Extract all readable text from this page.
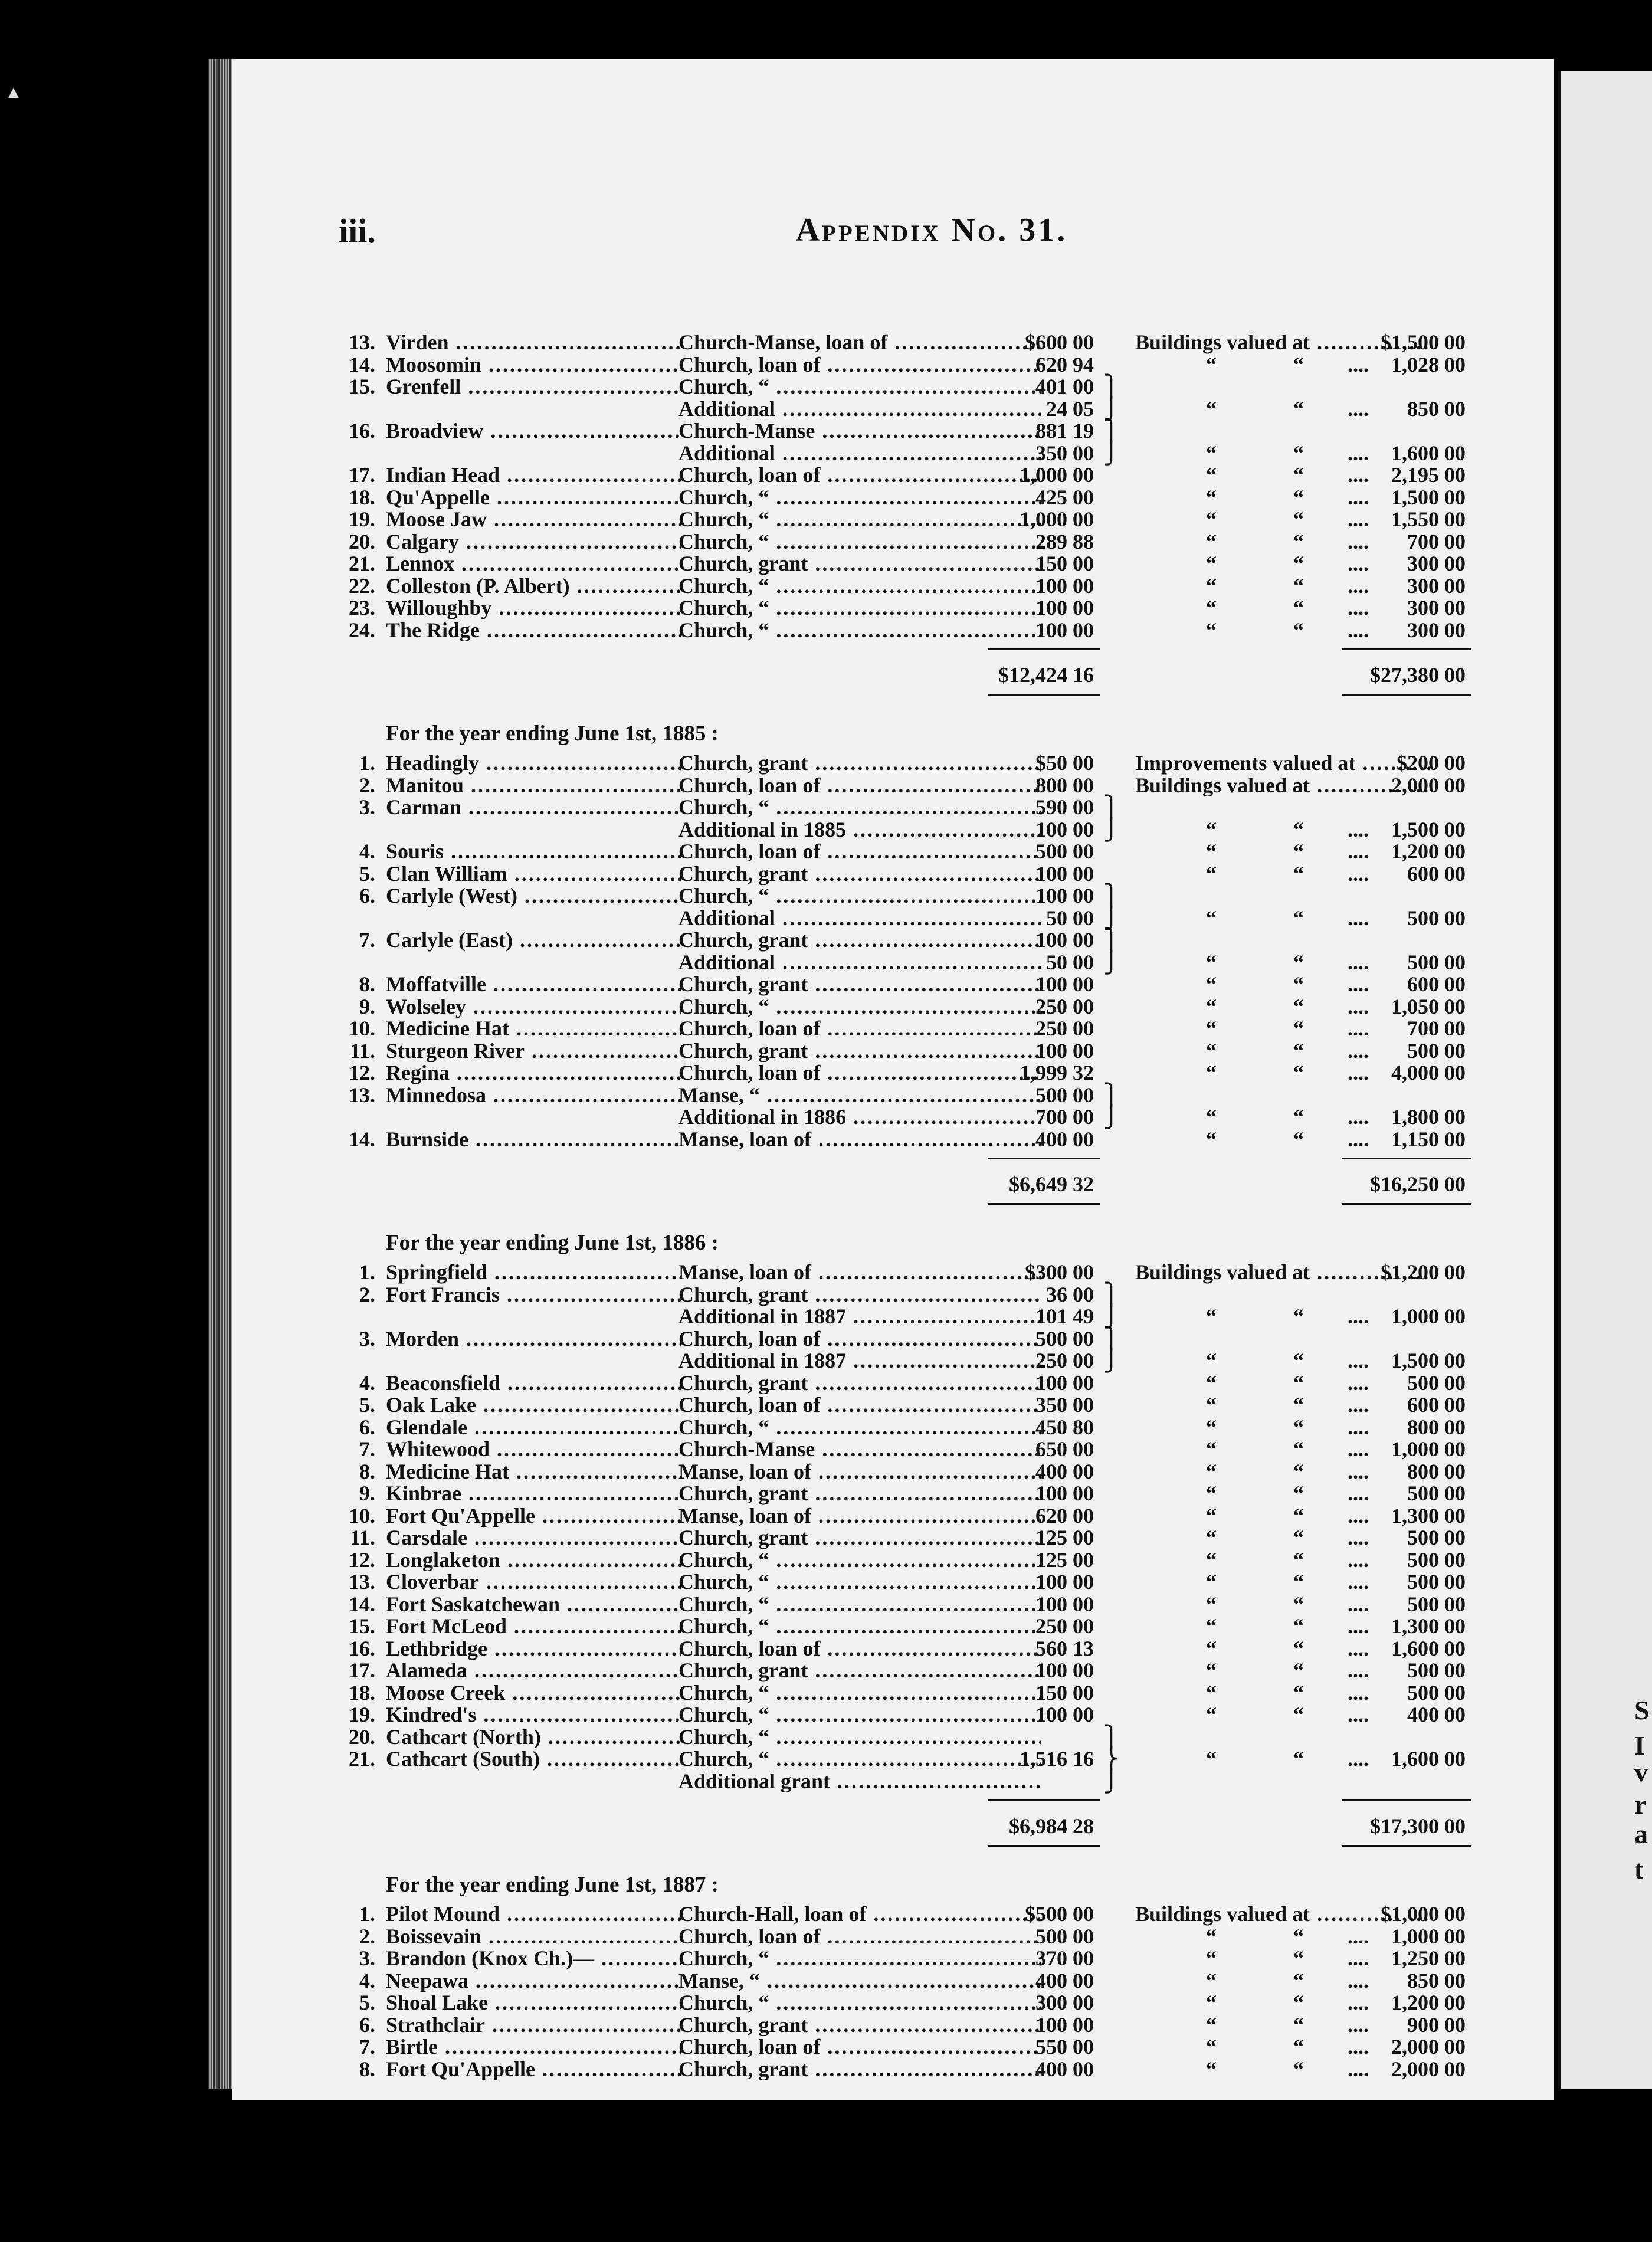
▲
iii.	Appendix No. 31.
13. Virden .....	Church-Manse, loan of .....	$600 00 Buildings valued at .....	$1,500 00
14. Moosomin .....	Church, loan of .....	620 94	“	“ ....	1,028 00
15. Grenfell .....	Church, “ .....	401 00 ⎫
Additional .....	24 05 ⎭	“	“ ....	850 00
16. Broadview .....	Church-Manse .....	881 19 ⎫
Additional .....	350 00 ⎭	“	“ ....	1,600 00
17. Indian Head .....	Church, loan of .....	1,000 00	“	“ ....	2,195 00
18. Qu'Appelle .....	Church, “ .....	425 00	“	“ ....	1,500 00
19. Moose Jaw .....	Church, “ .....	1,000 00	“	“ ....	1,550 00
20. Calgary .....	Church, “ .....	289 88	“	“ ....	700 00
21. Lennox .....	Church, grant .....	150 00	“	“ ....	300 00
22. Colleston (P. Albert) .....	Church, “ .....	100 00	“	“ ....	300 00
23. Willoughby .....	Church, “ .....	100 00	“	“ ....	300 00
24. The Ridge .....	Church, “ .....	100 00	“	“ ....	300 00
$12,424 16	$27,380 00
For the year ending June 1st, 1885 :
1. Headingly .....	Church, grant .....	$50 00 Improvements valued at .....	$200 00
2. Manitou .....	Church, loan of .....	800 00 Buildings valued at .....	2,000 00
3. Carman .....	Church, “ .....	590 00 ⎫
Additional in 1885 .....	100 00 ⎭	“	“ ....	1,500 00
4. Souris .....	Church, loan of .....	500 00	“	“ ....	1,200 00
5. Clan William .....	Church, grant .....	100 00	“	“ ....	600 00
6. Carlyle (West) .....	Church, “ .....	100 00 ⎫
Additional .....	50 00 ⎭	“	“ ....	500 00
7. Carlyle (East) .....	Church, grant .....	100 00 ⎫
Additional .....	50 00 ⎭	“	“ ....	500 00
8. Moffatville .....	Church, grant .....	100 00	“	“ ....	600 00
9. Wolseley .....	Church, “ .....	250 00	“	“ ....	1,050 00
10. Medicine Hat .....	Church, loan of .....	250 00	“	“ ....	700 00
11. Sturgeon River .....	Church, grant .....	100 00	“	“ ....	500 00
12. Regina .....	Church, loan of .....	1,999 32	“	“ ....	4,000 00
13. Minnedosa .....	Manse, “ .....	500 00 ⎫
Additional in 1886 .....	700 00 ⎭	“	“ ....	1,800 00
14. Burnside .....	Manse, loan of .....	400 00	“	“ ....	1,150 00
$6,649 32	$16,250 00
For the year ending June 1st, 1886 :
1. Springfield .....	Manse, loan of .....	$300 00 Buildings valued at .....	$1,200 00
2. Fort Francis .....	Church, grant .....	36 00 ⎫
Additional in 1887 .....	101 49 ⎭	“	“ ....	1,000 00
3. Morden .....	Church, loan of .....	500 00 ⎫
Additional in 1887 .....	250 00 ⎭	“	“ ....	1,500 00
4. Beaconsfield .....	Church, grant .....	100 00	“	“ ....	500 00
5. Oak Lake .....	Church, loan of .....	350 00	“	“ ....	600 00
6. Glendale .....	Church, “ .....	450 80	“	“ ....	800 00
7. Whitewood .....	Church-Manse .....	650 00	“	“ ....	1,000 00
8. Medicine Hat .....	Manse, loan of .....	400 00	“	“ ....	800 00
9. Kinbrae .....	Church, grant .....	100 00	“	“ ....	500 00
10. Fort Qu'Appelle .....	Manse, loan of .....	620 00	“	“ ....	1,300 00
11. Carsdale .....	Church, grant .....	125 00	“	“ ....	500 00
12. Longlaketon .....	Church, “ .....	125 00	“	“ ....	500 00
13. Cloverbar .....	Church, “ .....	100 00	“	“ ....	500 00
14. Fort Saskatchewan .....	Church, “ .....	100 00	“	“ ....	500 00
15. Fort McLeod .....	Church, “ .....	250 00	“	“ ....	1,300 00
16. Lethbridge .....	Church, loan of .....	560 13	“	“ ....	1,600 00
17. Alameda .....	Church, grant .....	100 00	“	“ ....	500 00
18. Moose Creek .....	Church, “ .....	150 00	“	“ ....	500 00
19. Kindred's .....	Church, “ .....	100 00	“	“ ....	400 00
20. Cathcart (North) .....	Church, “ .....	⎫
21. Cathcart (South) .....	Church, “ .....	1,516 16 ⎬	“	“ ....	1,600 00
Additional grant .....	⎭
$6,984 28	$17,300 00
For the year ending June 1st, 1887 :
1. Pilot Mound .....	Church-Hall, loan of .....	$500 00 Buildings valued at .....	$1,000 00
2. Boissevain .....	Church, loan of .....	500 00	“	“ ....	1,000 00
3. Brandon (Knox Ch.)— .....	Church, “ .....	370 00	“	“ ....	1,250 00
4. Neepawa .....	Manse, “ .....	400 00	“	“ ....	850 00
5. Shoal Lake .....	Church, “ .....	300 00	“	“ ....	1,200 00
6. Strathclair .....	Church, grant .....	100 00	“	“ ....	900 00
7. Birtle .....	Church, loan of .....	550 00	“	“ ....	2,000 00
8. Fort Qu'Appelle .....	Church, grant .....	400 00	“	“ ....	2,000 00
S
I
v
r
a
t
